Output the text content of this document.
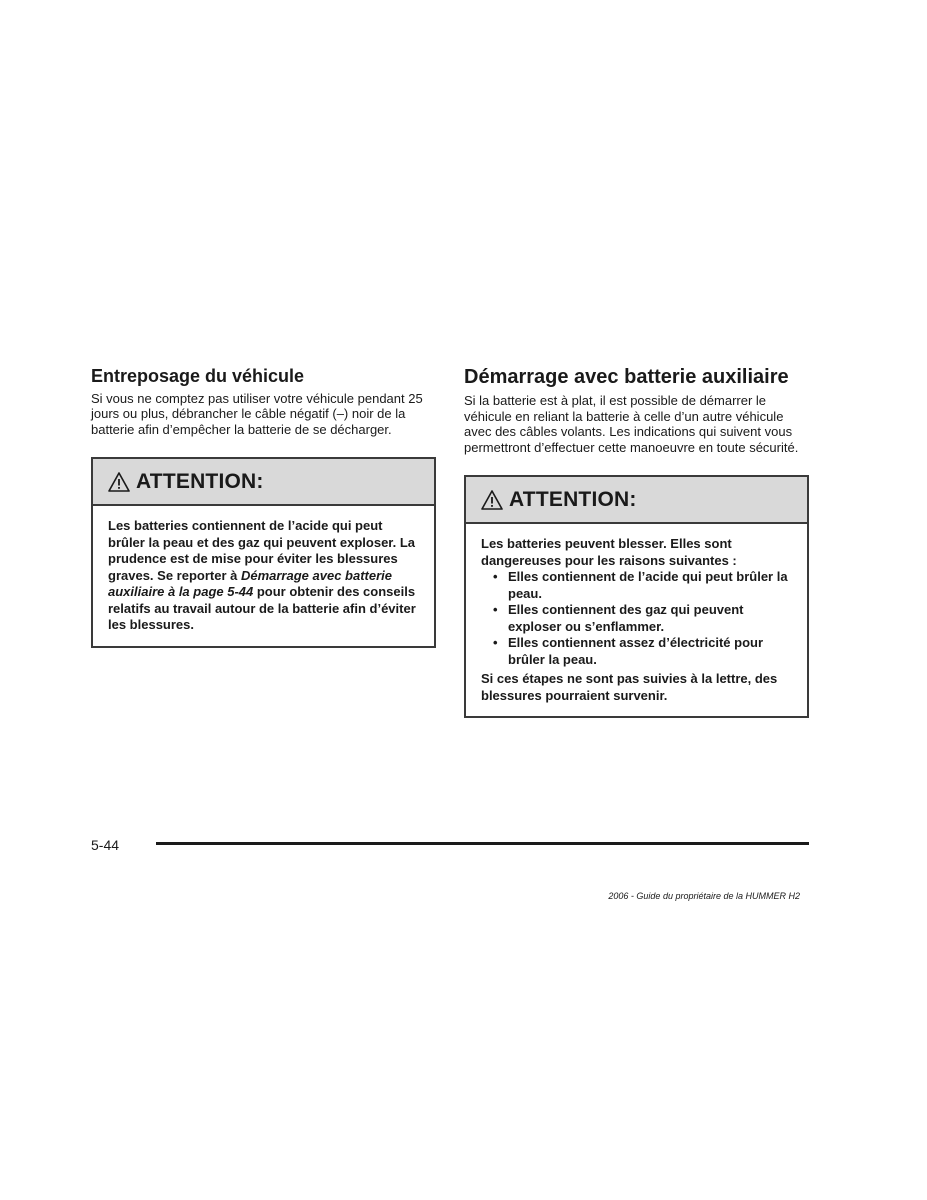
Entreposage du véhicule

Si vous ne comptez pas utiliser votre véhicule pendant 25 jours ou plus, débrancher le câble négatif (–) noir de la batterie afin d’empêcher la batterie de se décharger.

ATTENTION:

Les batteries contiennent de l’acide qui peut brûler la peau et des gaz qui peuvent exploser. La prudence est de mise pour éviter les blessures graves. Se reporter à Démarrage avec batterie auxiliaire à la page 5-44 pour obtenir des conseils relatifs au travail autour de la batterie afin d’éviter les blessures.

Démarrage avec batterie auxiliaire

Si la batterie est à plat, il est possible de démarrer le véhicule en reliant la batterie à celle d’un autre véhicule avec des câbles volants. Les indications qui suivent vous permettront d’effectuer cette manoeuvre en toute sécurité.

ATTENTION:

Les batteries peuvent blesser. Elles sont dangereuses pour les raisons suivantes :

• Elles contiennent de l’acide qui peut brûler la peau.
• Elles contiennent des gaz qui peuvent exploser ou s’enflammer.
• Elles contiennent assez d’électricité pour brûler la peau.

Si ces étapes ne sont pas suivies à la lettre, des blessures pourraient survenir.

5-44
2006 - Guide du propriétaire de la HUMMER H2
